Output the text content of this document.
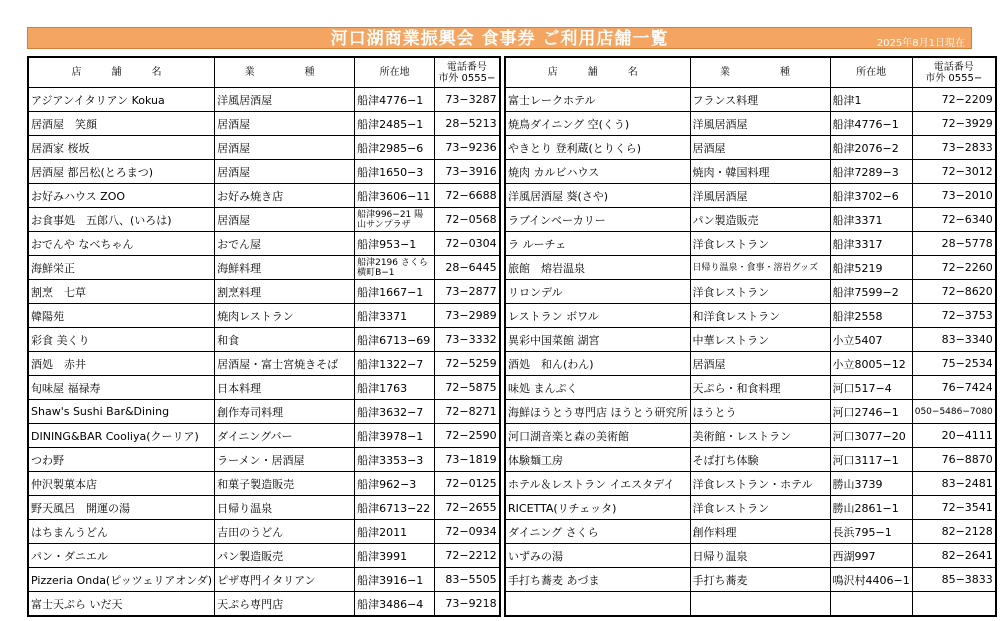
河口湖商業振興会 食事券 ご利用店舗一覧	2025年8月1日現在
店　舗　名	業　　種	所在地	電話番号
市外 0555−
アジアンイタリアン Kokua	洋風居酒屋	船津4776−1	73−3287
居酒屋　笑顔	居酒屋	船津2485−1	28−5213
居酒家 桜坂	居酒屋	船津2985−6	73−9236
居酒屋 都呂松(とろまつ)	居酒屋	船津1650−3	73−3916
お好みハウス ZOO	お好み焼き店	船津3606−11	72−6688
お食事処　五郎八、(いろは)	居酒屋	船津996−21 陽山サンプラザ	72−0568
おでんや なべちゃん	おでん屋	船津953−1	72−0304
海鮮栄正	海鮮料理	船津2196 さくら横町B−1	28−6445
割烹　七草	割烹料理	船津1667−1	73−2877
韓陽苑	焼肉レストラン	船津3371	73−2989
彩食 美くり	和食	船津6713−69	73−3332
酒処　赤井	居酒屋・富士宮焼きそば	船津1322−7	72−5259
旬味屋 福禄寿	日本料理	船津1763	72−5875
Shaw's Sushi Bar&Dining	創作寿司料理	船津3632−7	72−8271
DINING&BAR Cooliya(クーリア)	ダイニングバー	船津3978−1	72−2590
つわ野	ラーメン・居酒屋	船津3353−3	73−1819
仲沢製菓本店	和菓子製造販売	船津962−3	72−0125
野天風呂　開運の湯	日帰り温泉	船津6713−22	72−2655
はちまんうどん	吉田のうどん	船津2011	72−0934
パン・ダニエル	パン製造販売	船津3991	72−2212
Pizzeria Onda(ピッツェリアオンダ)	ピザ専門イタリアン	船津3916−1	83−5505
富士天ぷら いだ天	天ぷら専門店	船津3486−4	73−9218
店　舗　名	業　　種	所在地	電話番号
市外 0555−
富士レークホテル	フランス料理	船津1	72−2209
焼鳥ダイニング 空(くう)	洋風居酒屋	船津4776−1	72−3929
やきとり 登利蔵(とりくら)	居酒屋	船津2076−2	73−2833
焼肉 カルビハウス	焼肉・韓国料理	船津7289−3	72−3012
洋風居酒屋 葵(さや)	洋風居酒屋	船津3702−6	73−2010
ラブインベーカリー	パン製造販売	船津3371	72−6340
ラ ルーチェ	洋食レストラン	船津3317	28−5778
旅館　熔岩温泉	日帰り温泉・食事・溶岩グッズ	船津5219	72−2260
リロンデル	洋食レストラン	船津7599−2	72−8620
レストラン ボワル	和洋食レストラン	船津2558	72−3753
異彩中国菜館 湖宮	中華レストラン	小立5407	83−3340
酒処　和ん(わん)	居酒屋	小立8005−12	75−2534
味処 まんぷく	天ぷら・和食料理	河口517−4	76−7424
海鮮ほうとう専門店 ほうとう研究所	ほうとう	河口2746−1	050−5486−7080
河口湖音楽と森の美術館	美術館・レストラン	河口3077−20	20−4111
体験麺工房	そば打ち体験	河口3117−1	76−8870
ホテル＆レストラン イエスタデイ	洋食レストラン・ホテル	勝山3739	83−2481
RICETTA(リチェッタ)	洋食レストラン	勝山2861−1	72−3541
ダイニング さくら	創作料理	長浜795−1	82−2128
いずみの湯	日帰り温泉	西湖997	82−2641
手打ち蕎麦 あづま	手打ち蕎麦	鳴沢村4406−1	85−3833
